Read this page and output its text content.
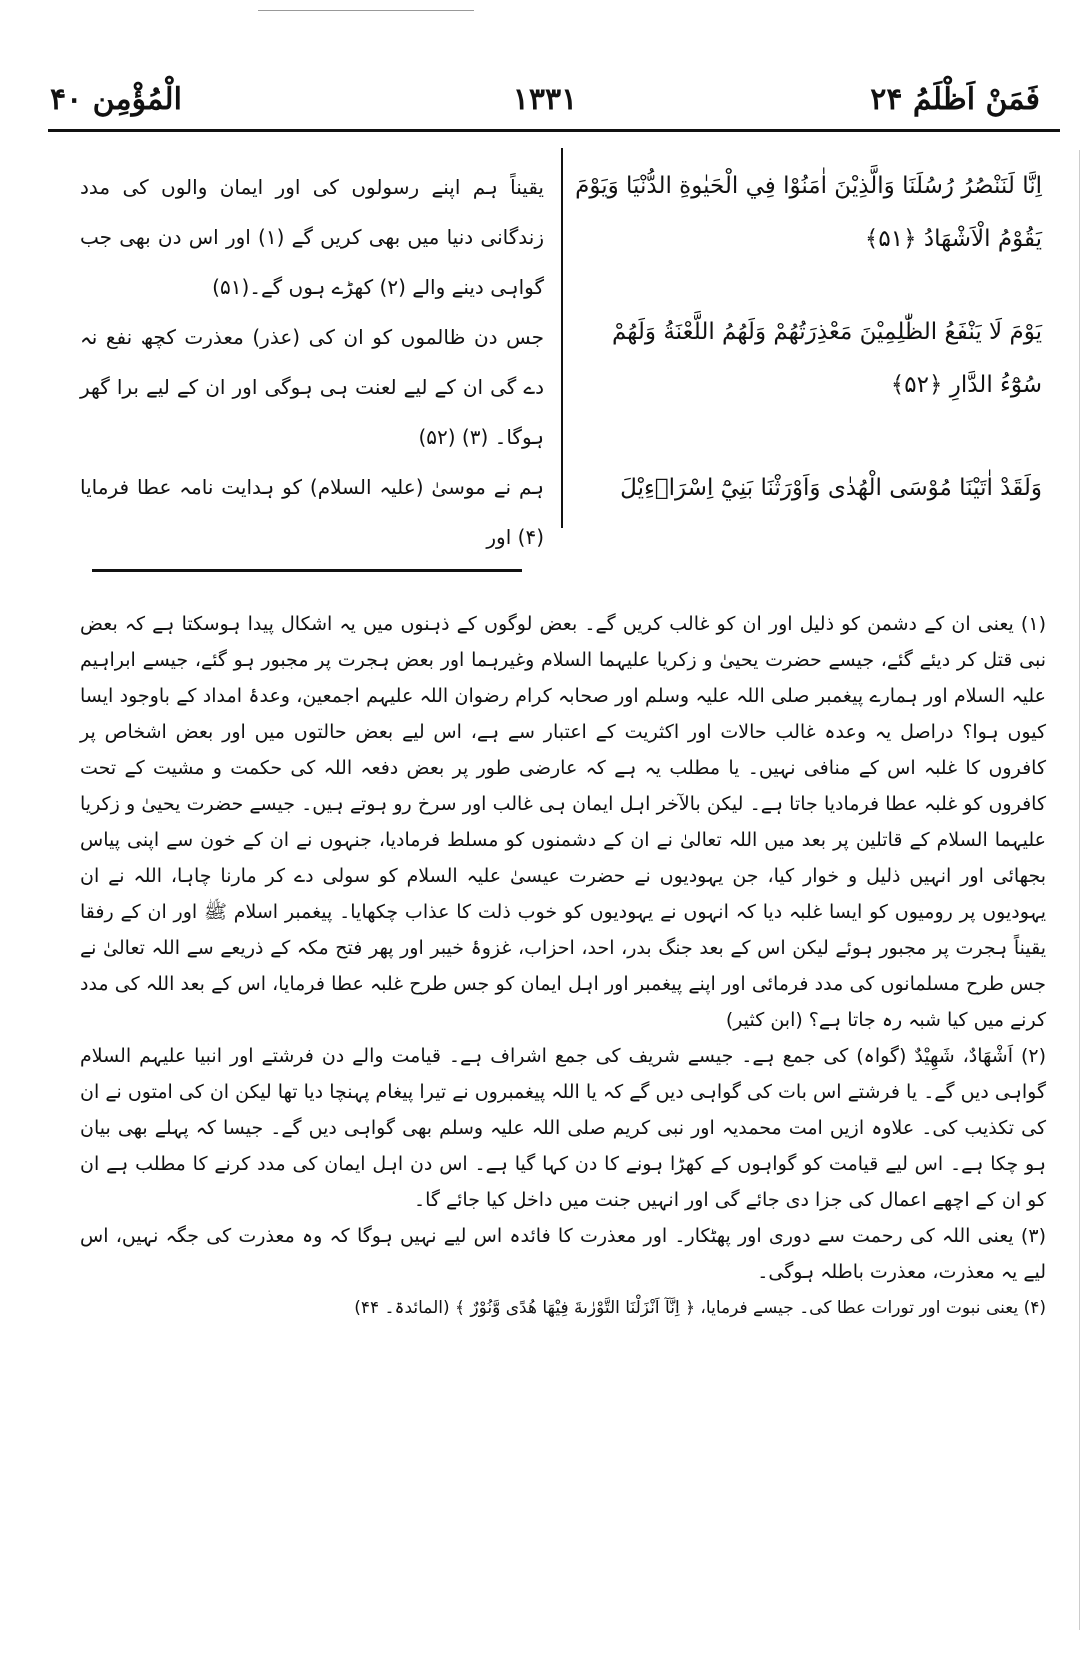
الْمُؤْمِن ۴۰	۱۳۳۱	فَمَنْ اَظْلَمُ ۲۴
اِنَّا لَنَنْصُرُ رُسُلَنَا وَالَّذِيْنَ اٰمَنُوْا فِي الْحَيٰوةِ الدُّنْيَا وَيَوْمَ يَقُوْمُ الْاَشْهَادُ ﴿۵۱﴾
يَوْمَ لَا يَنْفَعُ الظّٰلِمِيْنَ مَعْذِرَتُهُمْ وَلَهُمُ اللَّعْنَةُ وَلَهُمْ سُوْٓءُ الدَّارِ ﴿۵۲﴾
وَلَقَدْ اٰتَيْنَا مُوْسَى الْهُدٰى وَاَوْرَثْنَا بَنِيْٓ اِسْرَاۗءِيْلَ

یقیناً ہم اپنے رسولوں کی اور ایمان والوں کی مدد زندگانی دنیا میں بھی کریں گے (۱) اور اس دن بھی جب گواہی دینے والے (۲) کھڑے ہوں گے۔(۵۱)

جس دن ظالموں کو ان کی (عذر) معذرت کچھ نفع نہ دے گی ان کے لیے لعنت ہی ہوگی اور ان کے لیے برا گھر ہوگا۔ (۳) (۵۲)

ہم نے موسیٰ (علیہ السلام) کو ہدایت نامہ عطا فرمایا (۴) اور

(۱) یعنی ان کے دشمن کو ذلیل اور ان کو غالب کریں گے۔ بعض لوگوں کے ذہنوں میں یہ اشکال پیدا ہوسکتا ہے کہ بعض نبی قتل کر دیئے گئے، جیسے حضرت یحییٰ و زکریا علیہما السلام وغیرہما اور بعض ہجرت پر مجبور ہو گئے، جیسے ابراہیم علیہ السلام اور ہمارے پیغمبر صلی اللہ علیہ وسلم اور صحابہ کرام رضوان اللہ علیہم اجمعین، وعدۂ امداد کے باوجود ایسا کیوں ہوا؟ دراصل یہ وعدہ غالب حالات اور اکثریت کے اعتبار سے ہے، اس لیے بعض حالتوں میں اور بعض اشخاص پر کافروں کا غلبہ اس کے منافی نہیں۔ یا مطلب یہ ہے کہ عارضی طور پر بعض دفعہ اللہ کی حکمت و مشیت کے تحت کافروں کو غلبہ عطا فرمادیا جاتا ہے۔ لیکن بالآخر اہل ایمان ہی غالب اور سرخ رو ہوتے ہیں۔ جیسے حضرت یحییٰ و زکریا علیہما السلام کے قاتلین پر بعد میں اللہ تعالیٰ نے ان کے دشمنوں کو مسلط فرمادیا، جنہوں نے ان کے خون سے اپنی پیاس بجھائی اور انہیں ذلیل و خوار کیا، جن یہودیوں نے حضرت عیسیٰ علیہ السلام کو سولی دے کر مارنا چاہا، اللہ نے ان یہودیوں پر رومیوں کو ایسا غلبہ دیا کہ انہوں نے یہودیوں کو خوب ذلت کا عذاب چکھایا۔ پیغمبر اسلام ﷺ اور ان کے رفقا یقیناً ہجرت پر مجبور ہوئے لیکن اس کے بعد جنگ بدر، احد، احزاب، غزوۂ خیبر اور پھر فتح مکہ کے ذریعے سے اللہ تعالیٰ نے جس طرح مسلمانوں کی مدد فرمائی اور اپنے پیغمبر اور اہل ایمان کو جس طرح غلبہ عطا فرمایا، اس کے بعد اللہ کی مدد کرنے میں کیا شبہ رہ جاتا ہے؟ (ابن کثیر)

(۲) اَشْهَادٌ، شَهِيْدٌ (گواہ) کی جمع ہے۔ جیسے شریف کی جمع اشراف ہے۔ قیامت والے دن فرشتے اور انبیا علیہم السلام گواہی دیں گے۔ یا فرشتے اس بات کی گواہی دیں گے کہ یا اللہ پیغمبروں نے تیرا پیغام پہنچا دیا تھا لیکن ان کی امتوں نے ان کی تکذیب کی۔ علاوہ ازیں امت محمدیہ اور نبی کریم صلی اللہ علیہ وسلم بھی گواہی دیں گے۔ جیسا کہ پہلے بھی بیان ہو چکا ہے۔ اس لیے قیامت کو گواہوں کے کھڑا ہونے کا دن کہا گیا ہے۔ اس دن اہل ایمان کی مدد کرنے کا مطلب ہے ان کو ان کے اچھے اعمال کی جزا دی جائے گی اور انہیں جنت میں داخل کیا جائے گا۔

(۳) یعنی اللہ کی رحمت سے دوری اور پھٹکار۔ اور معذرت کا فائدہ اس لیے نہیں ہوگا کہ وہ معذرت کی جگہ نہیں، اس لیے یہ معذرت، معذرت باطلہ ہوگی۔

(۴) یعنی نبوت اور تورات عطا کی۔ جیسے فرمایا، ﴿ اِنَّآ اَنْزَلْنَا التَّوْرٰىةَ فِيْهَا هُدًى وَّنُوْرٌ ﴾ (المائدۃ۔ ۴۴)
